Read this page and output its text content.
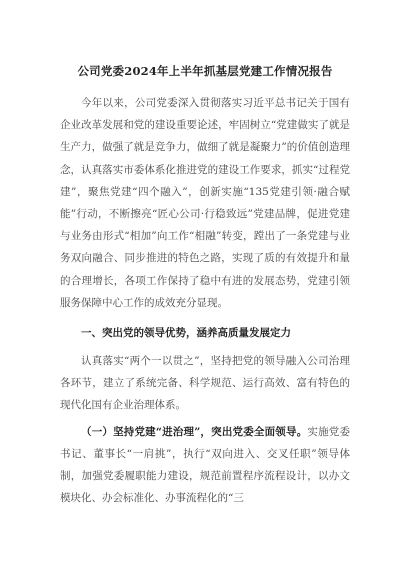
公司党委2024年上半年抓基层党建工作情况报告

今年以来，公司党委深入贯彻落实习近平总书记关于国有企业改革发展和党的建设重要论述，牢固树立“党建做实了就是生产力，做强了就是竞争力，做细了就是凝聚力”的价值创造理念，认真落实市委体系化推进党的建设工作要求，抓实“过程党建”，聚焦党建“四个融入”，创新实施“135党建引领·融合赋能”行动，不断擦亮“匠心公司·行稳致远”党建品牌，促进党建与业务由形式“相加”向工作“相融”转变，蹚出了一条党建与业务双向融合、同步推进的特色之路，实现了质的有效提升和量的合理增长，各项工作保持了稳中有进的发展态势，党建引领服务保障中心工作的成效充分显现。

一、突出党的领导优势，涵养高质量发展定力

认真落实“两个一以贯之”，坚持把党的领导融入公司治理各环节，建立了系统完备、科学规范、运行高效、富有特色的现代化国有企业治理体系。

（一）坚持党建“进治理”，突出党委全面领导。实施党委书记、董事长“一肩挑”，执行“双向进入、交叉任职”领导体制，加强党委履职能力建设，规范前置程序流程设计，以办文模块化、办会标准化、办事流程化的“三
